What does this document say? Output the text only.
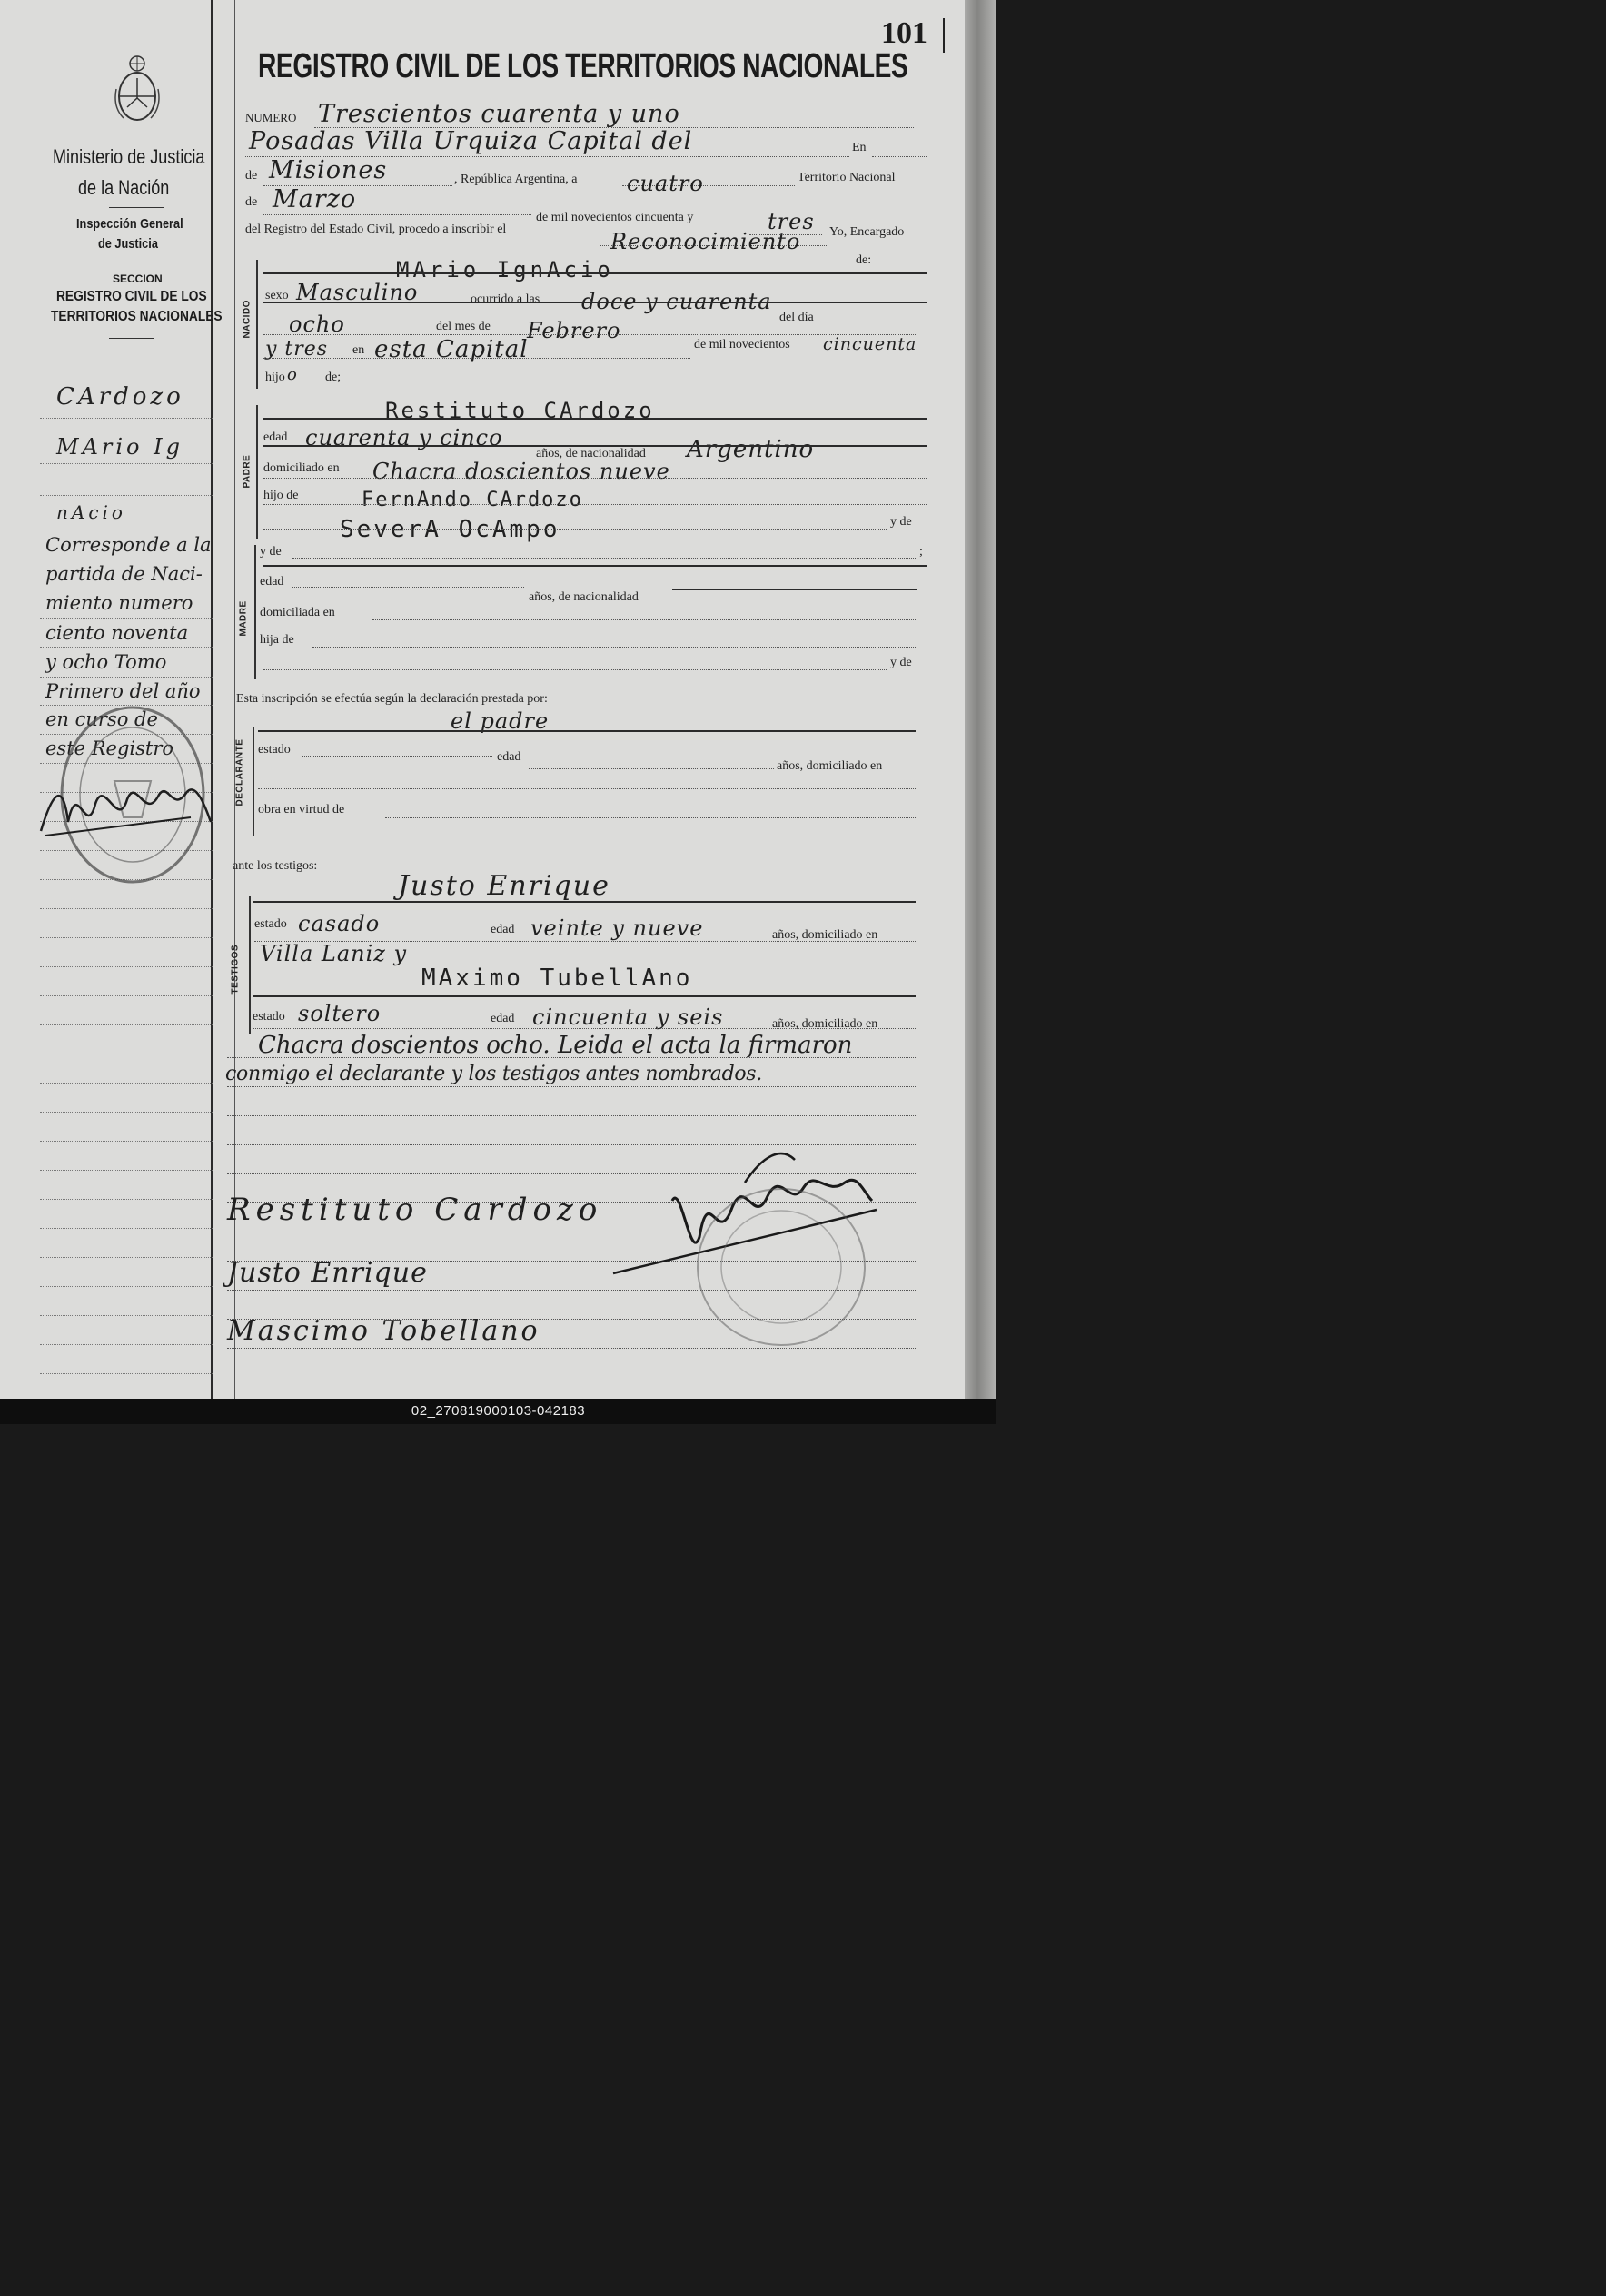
101
REGISTRO CIVIL DE LOS TERRITORIOS NACIONALES
Ministerio de Justicia
de la Nación
Inspección General
de Justicia
SECCION
REGISTRO CIVIL DE LOS
TERRITORIOS NACIONALES
CArdozo
MArio Ig
nAcio
Corresponde a la
partida de Naci-
miento numero
ciento noventa
y ocho Tomo
Primero del año
en curso de
este Registro
NUMERO Trescientos cuarenta y uno
En
Posadas Villa Urquiza Capital del
de Misiones	, República Argentina, a cuatro	Territorio Nacional
de Marzo
de mil novecientos cincuenta y
del Registro del Estado Civil, procedo a inscribir el	tres Yo, Encargado
Reconocimiento
NACIDO
MArio IgnAcio	de:
sexo Masculino	ocurrido a las doce y cuarenta
del día
ocho	del mes de Febrero
y tres en esta Capital	de mil novecientos cincuenta
hijo o de;
PADRE
Restituto CArdozo
edad cuarenta y cinco
años, de nacionalidad Argentino
domiciliado en Chacra doscientos nueve
hijo de	FernAndo CArdozo
SeverA OcAmpo	y de
MADRE
y de	;
edad
años, de nacionalidad
domiciliada en
hija de
y de
Esta inscripción se efectúa según la declaración prestada por:
el padre
DECLARANTE estado
edad
años, domiciliado en
obra en virtud de
ante los testigos:
Justo Enrique
TESTIGOS
estado casado	edad veinte y nueve	años, domiciliado en
Villa Laniz y
MAximo TubellAno
estado soltero	edad cincuenta y seis	años, domiciliado en
Chacra doscientos ocho. Leida el acta la firmaron
conmigo el declarante y los testigos antes nombrados.
Restituto Cardozo
Justo Enrique
Mascimo Tobellano
02_270819000103-042183
